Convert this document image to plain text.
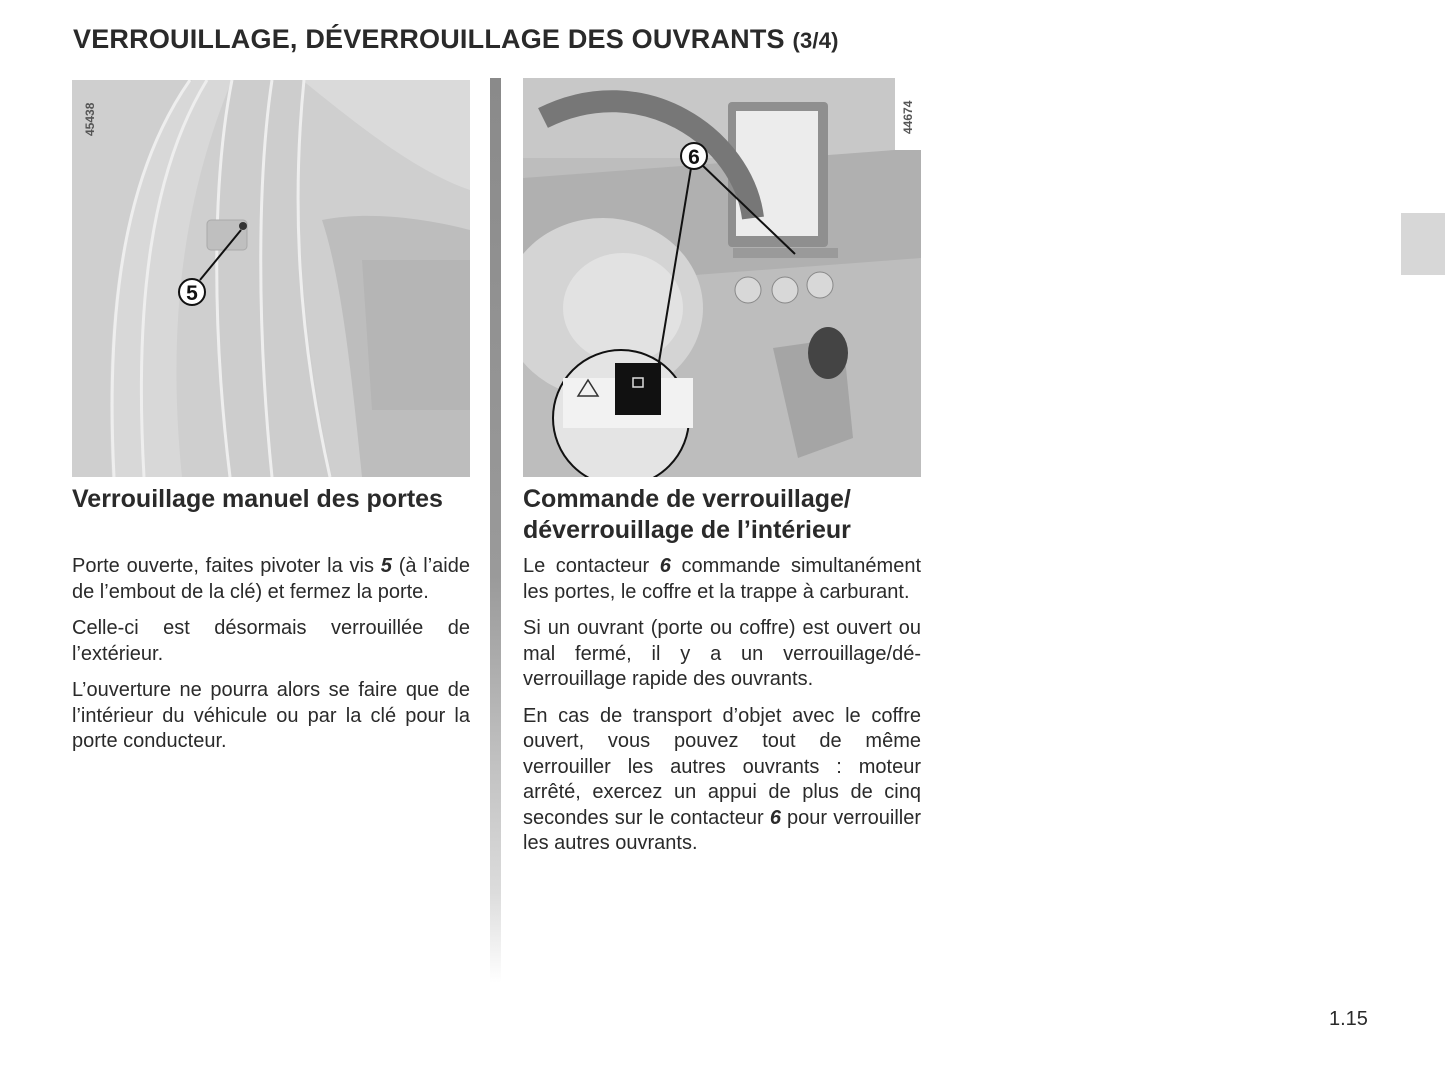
VERROUILLAGE, DÉVERROUILLAGE DES OUVRANTS (3/4)
5
45438
6
44674
Verrouillage manuel des portes

Porte ouverte, faites pivoter la vis 5 (à l’aide de l’embout de la clé) et fermez la porte.

Celle-ci est désormais verrouillée de l’extérieur.

L’ouverture ne pourra alors se faire que de l’intérieur du véhicule ou par la clé pour la porte conducteur.

Commande de verrouillage/ déverrouillage de l’intérieur

Le contacteur 6 commande simultanément les portes, le coffre et la trappe à carburant.

Si un ouvrant (porte ou coffre) est ouvert ou mal fermé, il y a un verrouillage/déverrouillage rapide des ouvrants.

En cas de transport d’objet avec le coffre ouvert, vous pouvez tout de même verrouiller les autres ouvrants : moteur arrêté, exercez un appui de plus de cinq secondes sur le contacteur 6 pour verrouiller les autres ouvrants.

1.15
